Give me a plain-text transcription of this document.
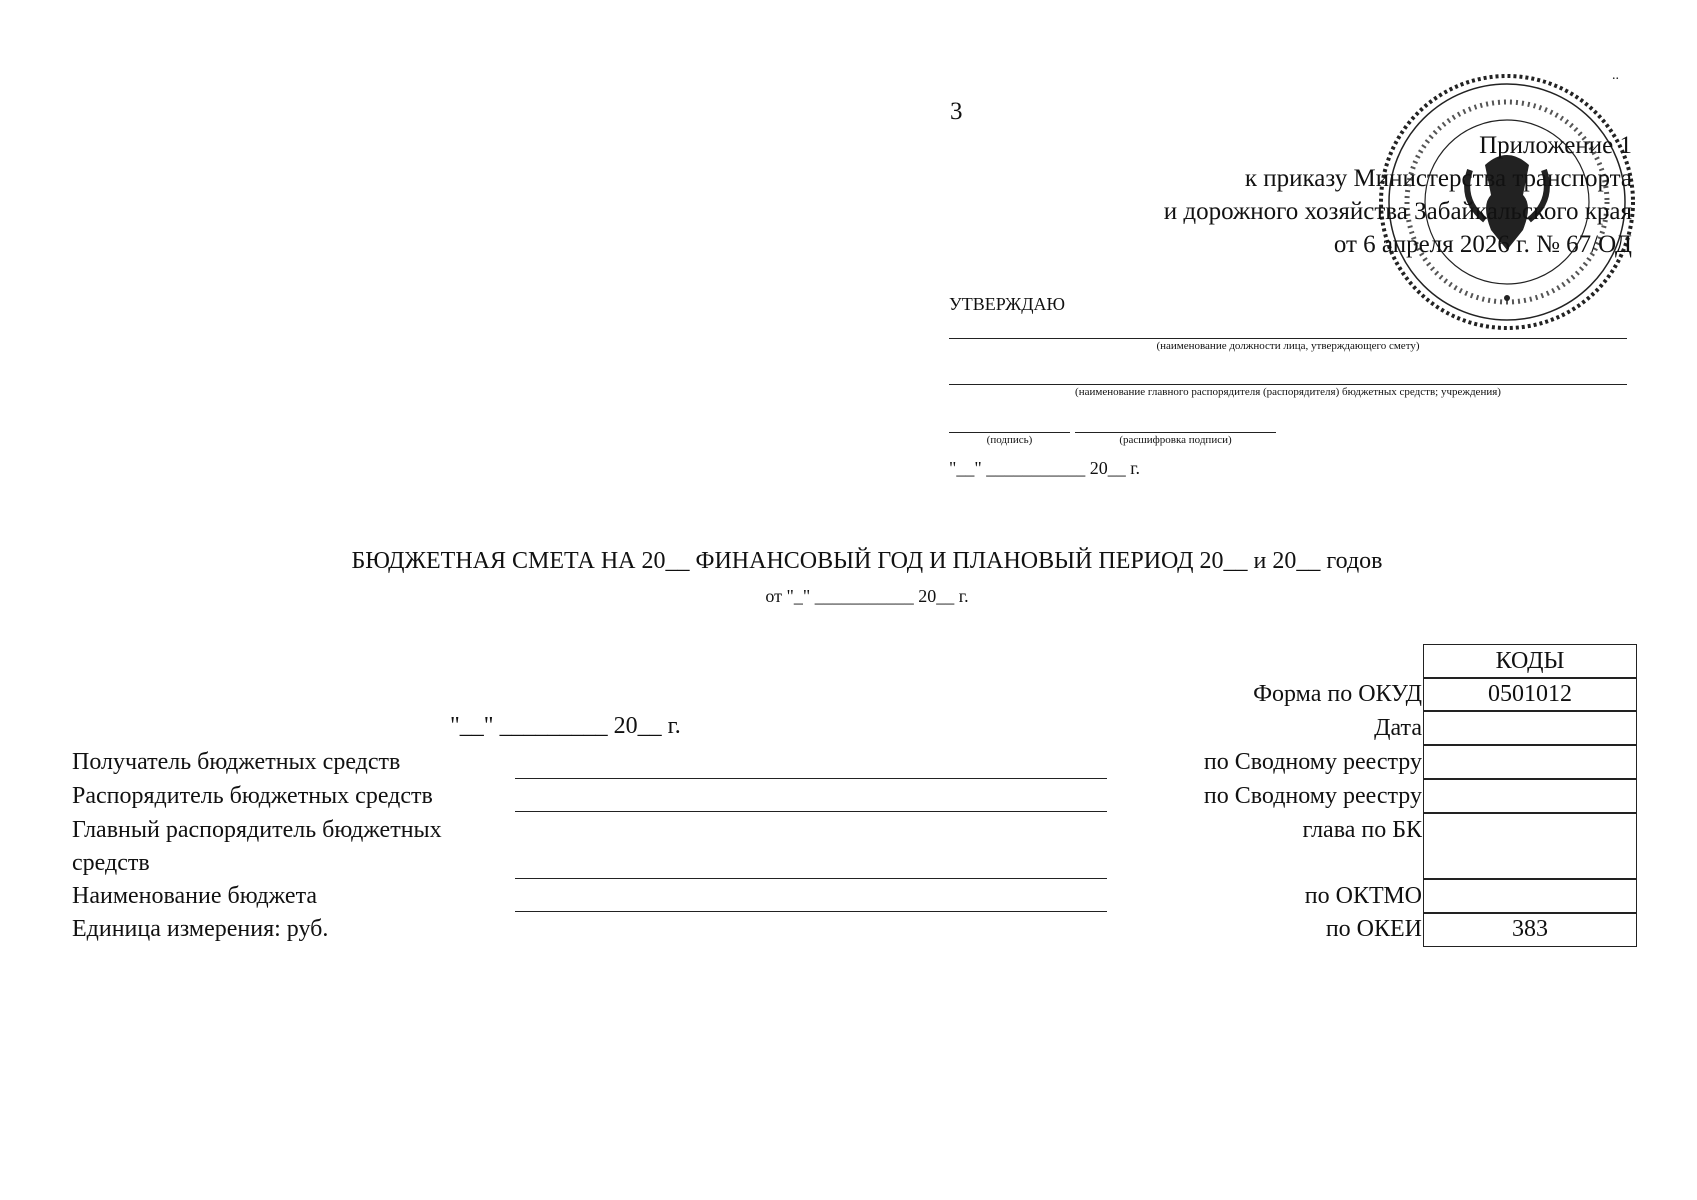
3
..
Приложение 1
к приказу Министерства транспорта
и дорожного хозяйства Забайкальского края
от 6 апреля 2026 г. № 67/ОД
УТВЕРЖДАЮ
(наименование должности лица, утверждающего смету)
(наименование главного распорядителя (распорядителя) бюджетных средств; учреждения)
(подпись)	(расшифровка подписи)
"__" ___________ 20__ г.
БЮДЖЕТНАЯ СМЕТА НА 20__ ФИНАНСОВЫЙ ГОД И ПЛАНОВЫЙ ПЕРИОД 20__ и 20__ годов
от "_" ___________ 20__ г.
КОДЫ
0501012
383
Форма по ОКУД
Дата
по Сводному реестру
по Сводному реестру
глава по БК
по ОКТМО
по ОКЕИ
"__" _________ 20__ г.
Получатель бюджетных средств
Распорядитель бюджетных средств
Главный распорядитель бюджетных
средств
Наименование бюджета
Единица измерения: руб.
